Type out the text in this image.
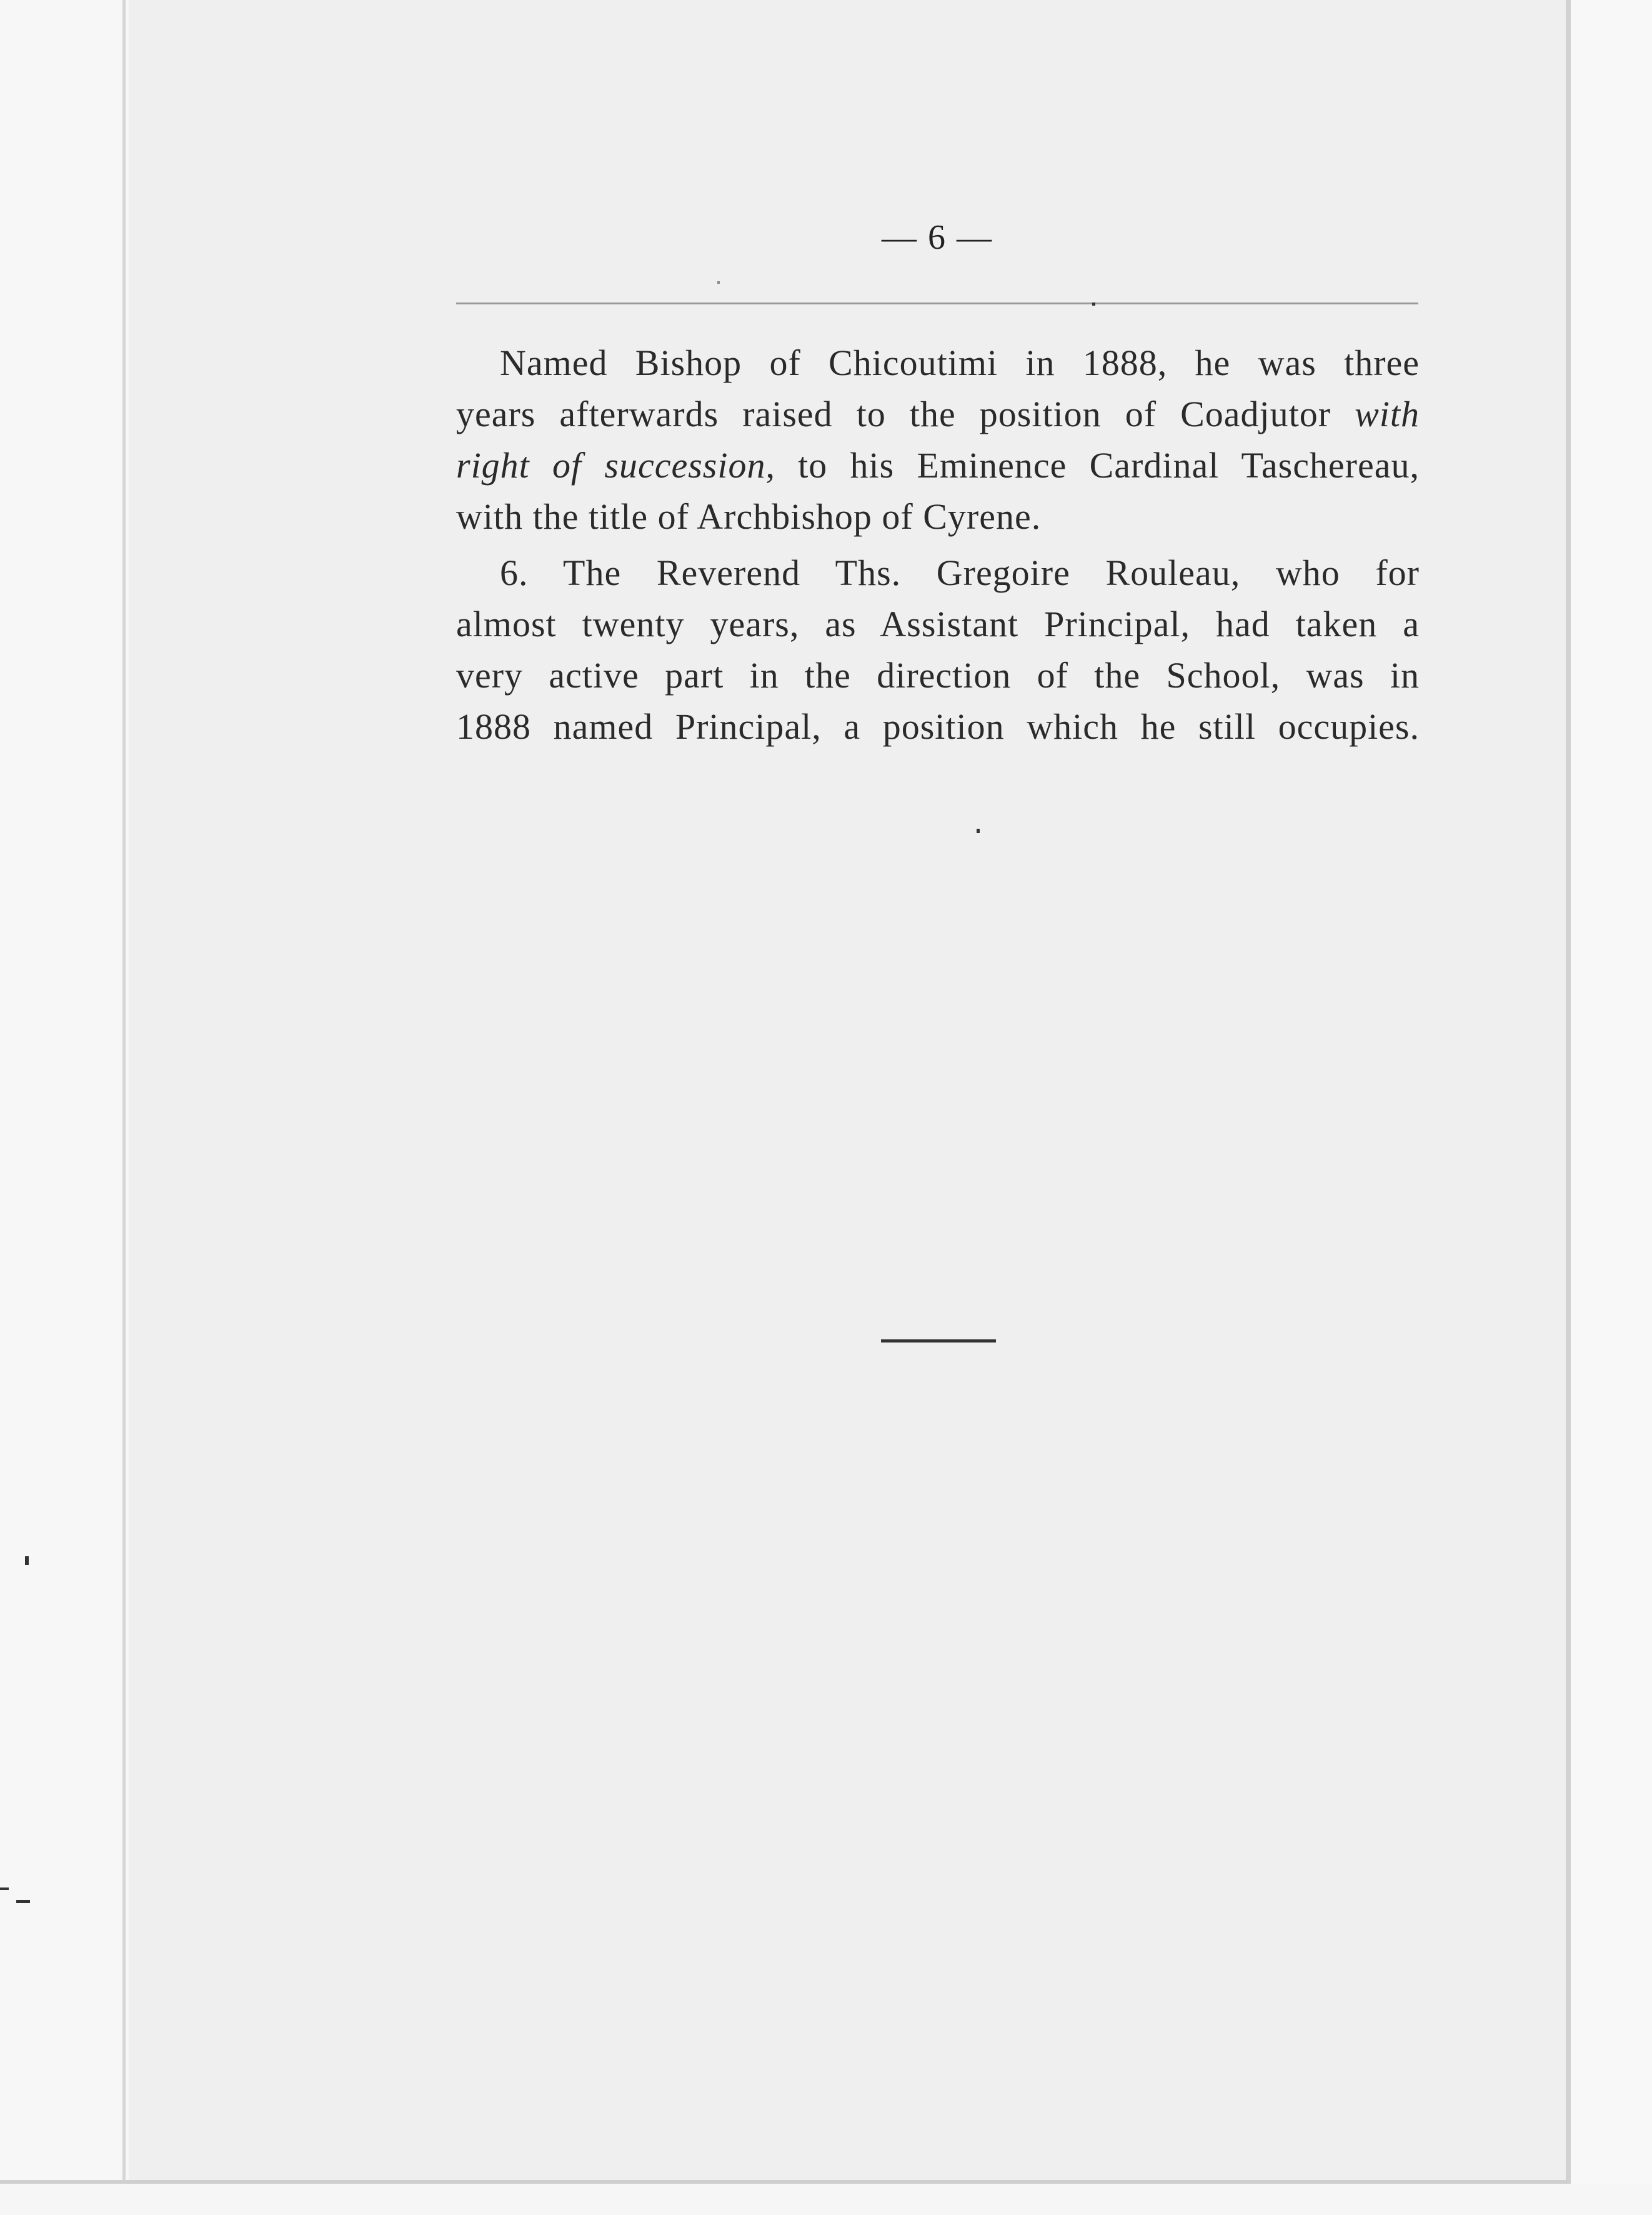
— 6 —
Named Bishop of Chicoutimi in 1888, he was three
years afterwards raised to the position of Coadjutor with
right of succession, to his Eminence Cardinal Taschereau,
with the title of Archbishop of Cyrene.
6. The Reverend Ths. Gregoire Rouleau, who for
almost twenty years, as Assistant Principal, had taken a
very active part in the direction of the School, was in
1888 named Principal, a position which he still occupies.
